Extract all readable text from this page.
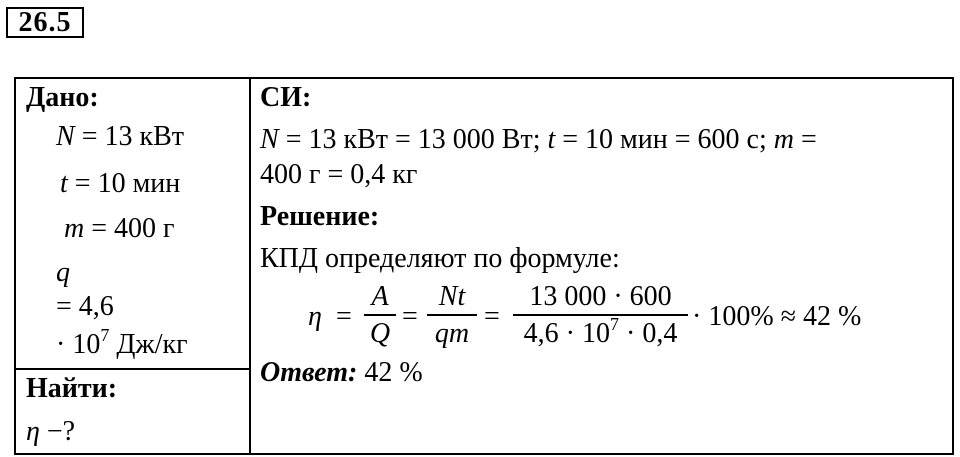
26.5
Дано:
N = 13 кВт
t = 10 мин
m = 400 г
q
= 4,6
· $10^7$ Дж/кг
Найти:
η −?

СИ:
N = 13 кВт = 13 000 Вт; t = 10 мин = 600 с; m =
400 г = 0,4 кг
Решение:
КПД определяют по формуле:
η =
A
Q
=
Nt
qm
=
13 000 · 600
$4,6 \cdot 10^7 \cdot 0,4$
· 100% ≈ 42 %
Ответ: 42 %
